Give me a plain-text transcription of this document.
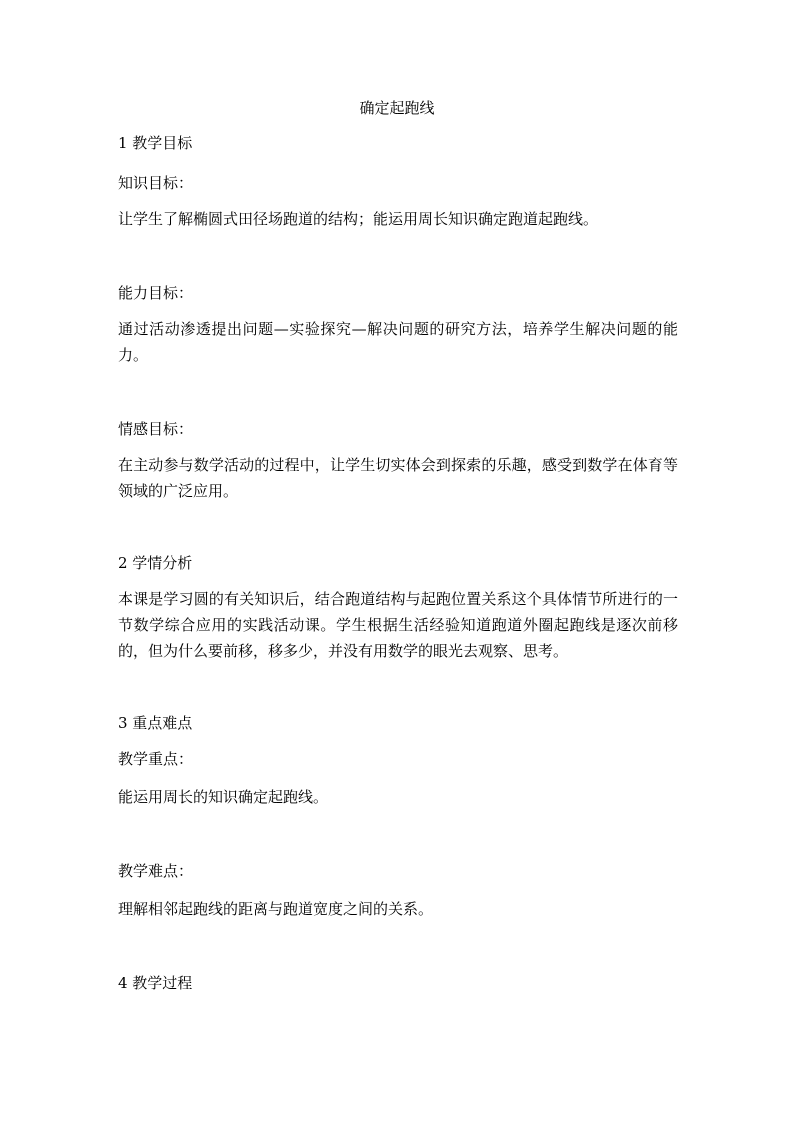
确定起跑线
1 教学目标
知识目标：
让学生了解椭圆式田径场跑道的结构；能运用周长知识确定跑道起跑线。
能力目标：
通过活动渗透提出问题—实验探究—解决问题的研究方法，培养学生解决问题的能力。
情感目标：
在主动参与数学活动的过程中，让学生切实体会到探索的乐趣，感受到数学在体育等领域的广泛应用。
2 学情分析
本课是学习圆的有关知识后，结合跑道结构与起跑位置关系这个具体情节所进行的一节数学综合应用的实践活动课。学生根据生活经验知道跑道外圈起跑线是逐次前移的，但为什么要前移，移多少，并没有用数学的眼光去观察、思考。
3 重点难点
教学重点：
能运用周长的知识确定起跑线。
教学难点：
理解相邻起跑线的距离与跑道宽度之间的关系。
4 教学过程
